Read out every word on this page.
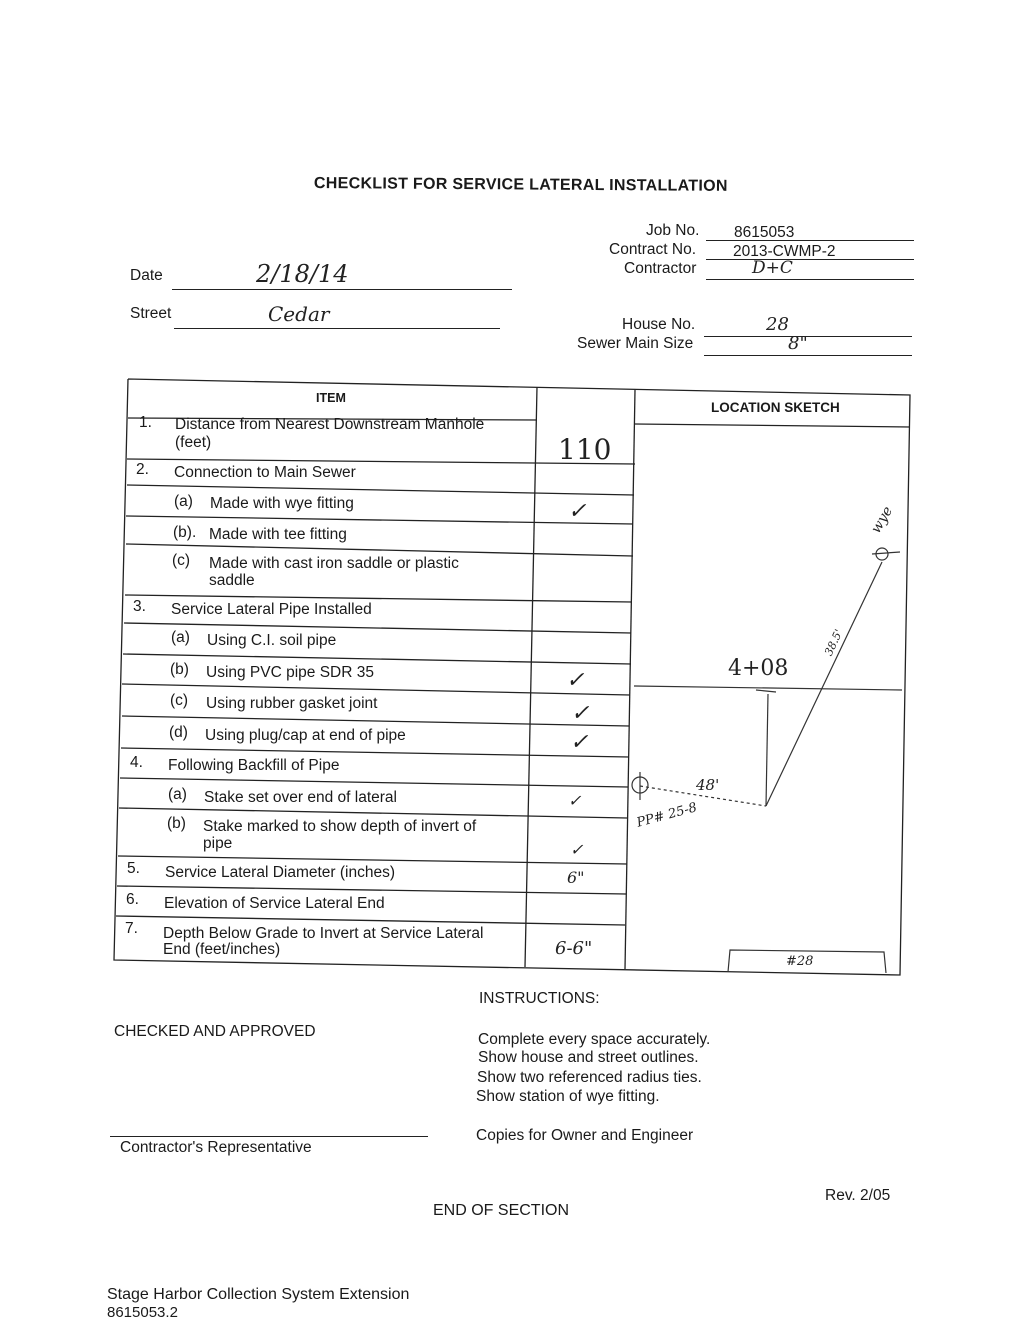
CHECKLIST FOR SERVICE LATERAL INSTALLATION
Job No. 8615053
Contract No. 2013-CWMP-2
Contractor	D+C
Date	2/18/14
Street	Cedar	House No.	28
Sewer Main Size	8"
ITEM
LOCATION SKETCH
1. Distance from Nearest Downstream Manhole
(feet)	110
2. Connection to Main Sewer
(a) Made with wye fitting	✓
(b). Made with tee fitting
(c) Made with cast iron saddle or plastic
saddle
3. Service Lateral Pipe Installed
(a) Using C.I. soil pipe
(b) Using PVC pipe SDR 35	✓
(c) Using rubber gasket joint	✓
(d) Using plug/cap at end of pipe	✓
4. Following Backfill of Pipe
(a) Stake set over end of lateral	✓
(b) Stake marked to show depth of invert of
pipe	✓
5. Service Lateral Diameter (inches)	6"
6. Elevation of Service Lateral End
7. Depth Below Grade to Invert at Service Lateral
End (feet/inches)	6-6"
4+08
48'
PP# 25-8
#28
wye
38.5'
INSTRUCTIONS:
Complete every space accurately.
Show house and street outlines.
Show two referenced radius ties.
Show station of wye fitting.
Copies for Owner and Engineer
CHECKED AND APPROVED
Contractor's Representative
Rev. 2/05
END OF SECTION
Stage Harbor Collection System Extension
8615053.2
